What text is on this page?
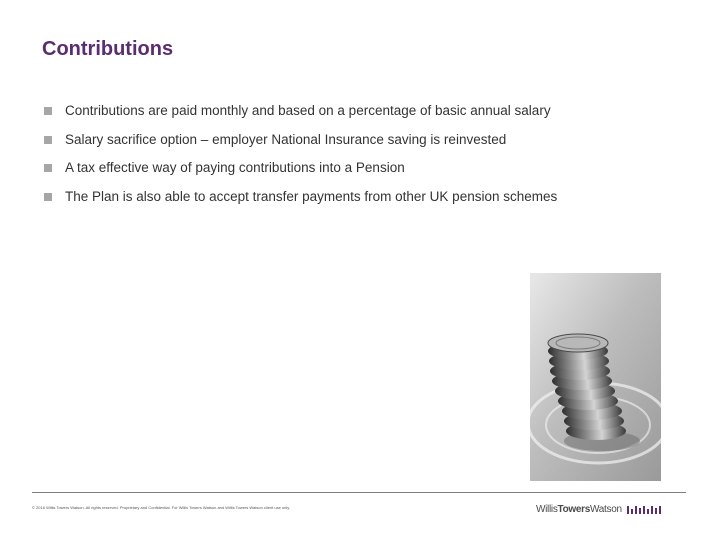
Contributions
Contributions are paid monthly and based on a percentage of basic annual salary
Salary sacrifice option – employer National Insurance saving is reinvested
A tax effective way of paying contributions into a Pension
The Plan is also able to accept transfer payments from other UK pension schemes
© 2016 Willis Towers Watson. All rights reserved. Proprietary and Confidential. For Willis Towers Watson and Willis Towers Watson client use only.	WillisTowersWatson
